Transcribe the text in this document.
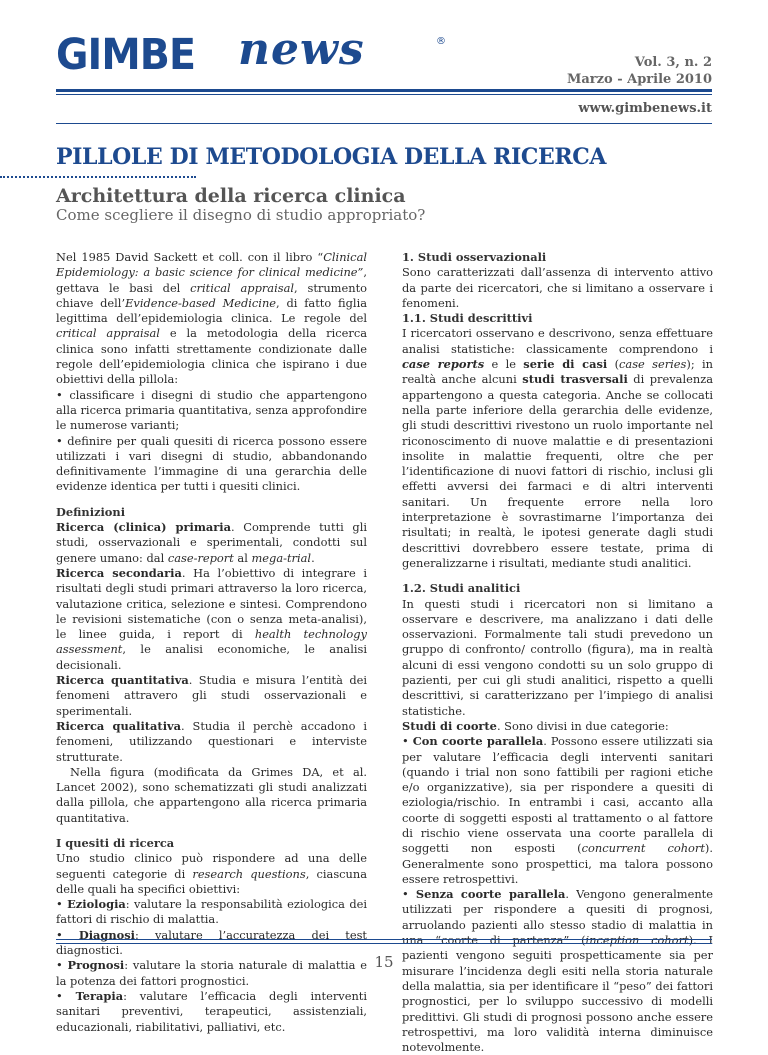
GIMBE news	®
Vol. 3, n. 2
Marzo - Aprile 2010
www.gimbenews.it
PILLOLE DI METODOLOGIA DELLA RICERCA
Architettura della ricerca clinica
Come scegliere il disegno di studio appropriato?

Nel 1985 David Sackett et coll. con il libro “Clinical Epidemiology: a basic science for clinical medicine”, gettava le basi del critical appraisal, strumento chiave dell’Evidence-based Medicine, di fatto figlia legittima dell’epidemiologia clinica. Le regole del critical appraisal e la metodologia della ricerca clinica sono infatti strettamente condizionate dalle regole dell’epidemiologia clinica che ispirano i due obiettivi della pillola:

• classificare i disegni di studio che appartengono alla ricerca primaria quantitativa, senza approfondire le numerose varianti;

• definire per quali quesiti di ricerca possono essere utilizzati i vari disegni di studio, abbandonando definitivamente l’immagine di una gerarchia delle evidenze identica per tutti i quesiti clinici.

Definizioni

Ricerca (clinica) primaria. Comprende tutti gli studi, osservazionali e sperimentali, condotti sul genere umano: dal case-report al mega-trial.

Ricerca secondaria. Ha l’obiettivo di integrare i risultati degli studi primari attraverso la loro ricerca, valutazione critica, selezione e sintesi. Comprendono le revisioni sistematiche (con o senza meta-analisi), le linee guida, i report di health technology assessment, le analisi economiche, le analisi decisionali.

Ricerca quantitativa. Studia e misura l’entità dei fenomeni attravero gli studi osservazionali e sperimentali.

Ricerca qualitativa. Studia il perchè accadono i fenomeni, utilizzando questionari e interviste strutturate.

Nella figura (modificata da Grimes DA, et al. Lancet 2002), sono schematizzati gli studi analizzati dalla pillola, che appartengono alla ricerca primaria quantitativa.

I quesiti di ricerca

Uno studio clinico può rispondere ad una delle seguenti categorie di research questions, ciascuna delle quali ha specifici obiettivi:

• Eziologia: valutare la responsabilità eziologica dei fattori di rischio di malattia.

• Diagnosi: valutare l’accuratezza dei test diagnostici.

• Prognosi: valutare la storia naturale di malattia e la potenza dei fattori prognostici.

• Terapia: valutare l’efficacia degli interventi sanitari preventivi, terapeutici, assistenziali, educazionali, riabilitativi, palliativi, etc.

1. Studi osservazionali

Sono caratterizzati dall’assenza di intervento attivo da parte dei ricercatori, che si limitano a osservare i fenomeni.

1.1. Studi descrittivi

I ricercatori osservano e descrivono, senza effettuare analisi statistiche: classicamente comprendono i case reports e le serie di casi (case series); in realtà anche alcuni studi trasversali di prevalenza appartengono a questa categoria. Anche se collocati nella parte inferiore della gerarchia delle evidenze, gli studi descrittivi rivestono un ruolo importante nel riconoscimento di nuove malattie e di presentazioni insolite in malattie frequenti, oltre che per l’identificazione di nuovi fattori di rischio, inclusi gli effetti avversi dei farmaci e di altri interventi sanitari. Un frequente errore nella loro interpretazione è sovrastimarne l’importanza dei risultati; in realtà, le ipotesi generate dagli studi descrittivi dovrebbero essere testate, prima di generalizzarne i risultati, mediante studi analitici.

1.2. Studi analitici

In questi studi i ricercatori non si limitano a osservare e descrivere, ma analizzano i dati delle osservazioni. Formalmente tali studi prevedono un gruppo di confronto/ controllo (figura), ma in realtà alcuni di essi vengono condotti su un solo gruppo di pazienti, per cui gli studi analitici, rispetto a quelli descrittivi, si caratterizzano per l’impiego di analisi statistiche.

Studi di coorte. Sono divisi in due categorie:

• Con coorte parallela. Possono essere utilizzati sia per valutare l’efficacia degli interventi sanitari (quando i trial non sono fattibili per ragioni etiche e/o organizzative), sia per rispondere a quesiti di eziologia/rischio. In entrambi i casi, accanto alla coorte di soggetti esposti al trattamento o al fattore di rischio viene osservata una coorte parallela di soggetti non esposti (concurrent cohort). Generalmente sono prospettici, ma talora possono essere retrospettivi.

• Senza coorte parallela. Vengono generalmente utilizzati per rispondere a quesiti di prognosi, arruolando pazienti allo stesso stadio di malattia in una “coorte di partenza” (inception cohort). I pazienti vengono seguiti prospetticamente sia per misurare l’incidenza degli esiti nella storia naturale della malattia, sia per identificare il “peso” dei fattori prognostici, per lo sviluppo successivo di modelli predittivi. Gli studi di prognosi possono anche essere retrospettivi, ma loro validità interna diminuisce notevolmente.

15
